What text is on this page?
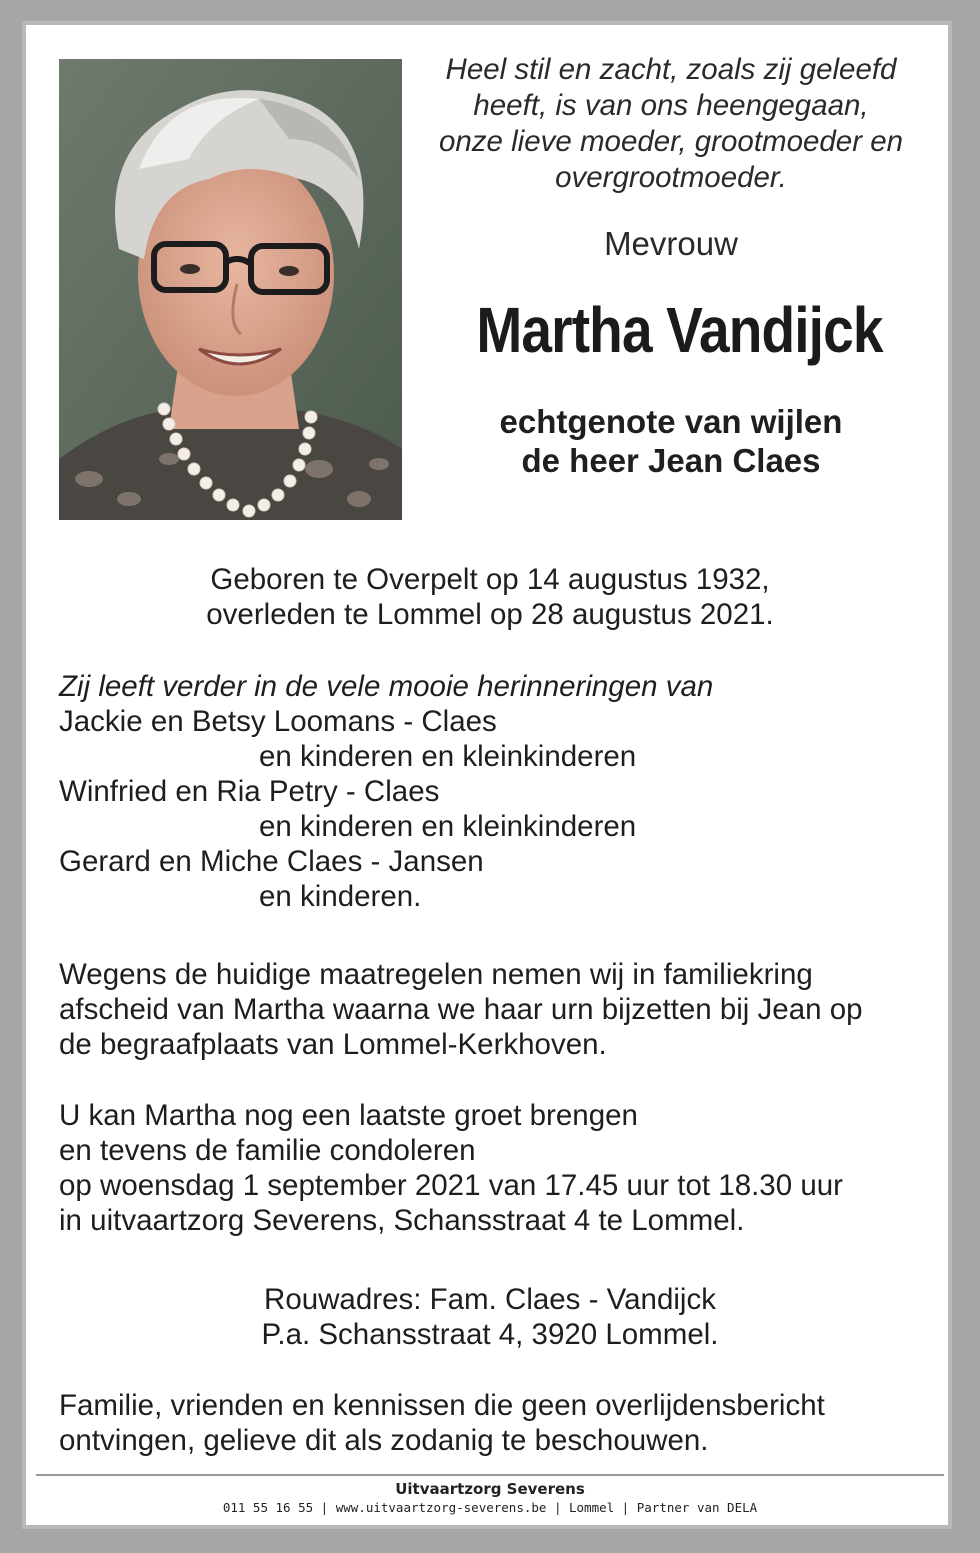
Heel stil en zacht, zoals zij geleefd
heeft, is van ons heengegaan,
onze lieve moeder, grootmoeder en
overgrootmoeder.
Mevrouw
Martha Vandijck
echtgenote van wijlen
de heer Jean Claes
Geboren te Overpelt op 14 augustus 1932,
overleden te Lommel op 28 augustus 2021.
Zij leeft verder in de vele mooie herinneringen van
Jackie en Betsy Loomans - Claes
en kinderen en kleinkinderen
Winfried en Ria Petry - Claes
en kinderen en kleinkinderen
Gerard en Miche Claes - Jansen
en kinderen.
Wegens de huidige maatregelen nemen wij in familiekring
afscheid van Martha waarna we haar urn bijzetten bij Jean op
de begraafplaats van Lommel-Kerkhoven.
U kan Martha nog een laatste groet brengen
en tevens de familie condoleren
op woensdag 1 september 2021 van 17.45 uur tot 18.30 uur
in uitvaartzorg Severens, Schansstraat 4 te Lommel.
Rouwadres: Fam. Claes - Vandijck
P.a. Schansstraat 4, 3920 Lommel.
Familie, vrienden en kennissen die geen overlijdensbericht
ontvingen, gelieve dit als zodanig te beschouwen.
Uitvaartzorg Severens
011 55 16 55 | www.uitvaartzorg-severens.be | Lommel | Partner van DELA
